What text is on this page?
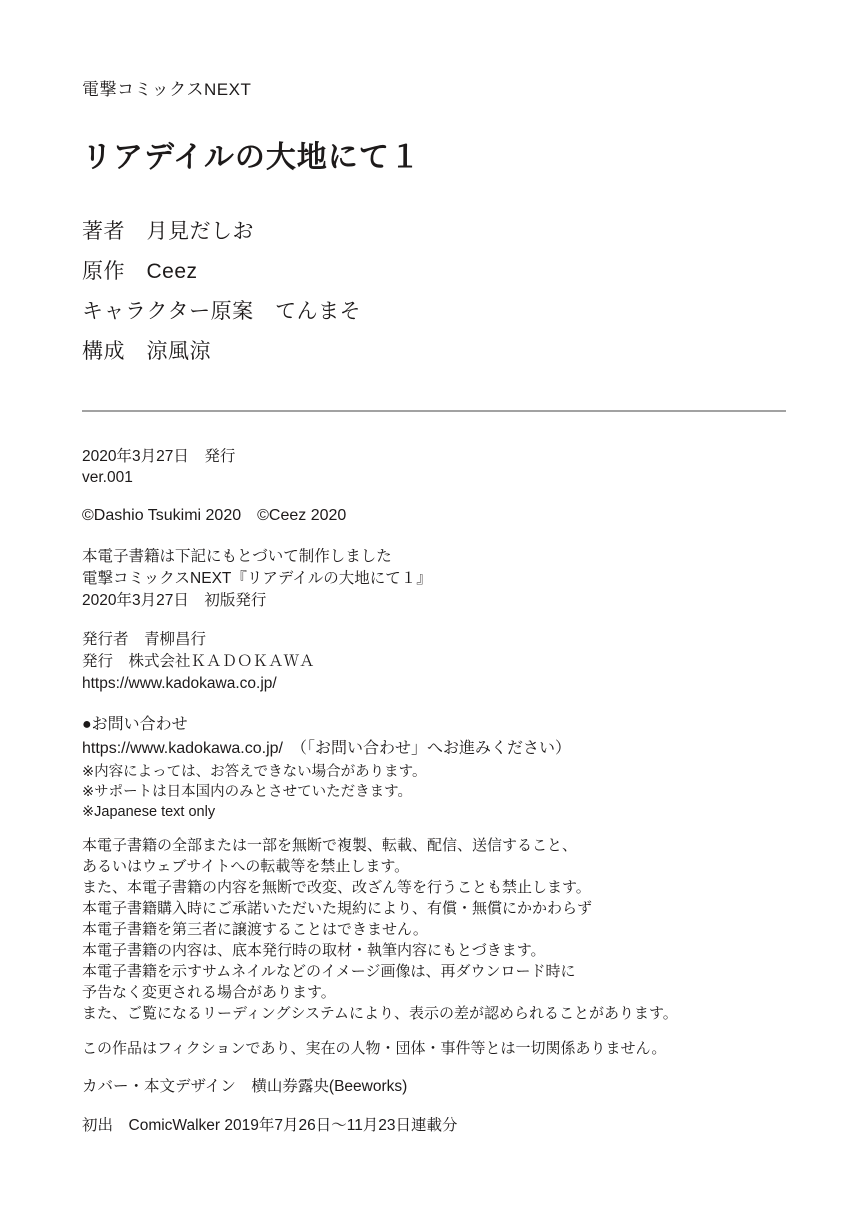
電撃コミックスNEXT
リアデイルの大地にて１
著者　月見だしお
原作　Ceez
キャラクター原案　てんまそ
構成　涼風涼
2020年3月27日　発行
ver.001
©Dashio Tsukimi 2020　©Ceez 2020
本電子書籍は下記にもとづいて制作しました
電撃コミックスNEXT『リアデイルの大地にて１』
2020年3月27日　初版発行
発行者　青柳昌行
発行　株式会社ＫＡＤＯＫＡＷＡ
https://www.kadokawa.co.jp/
●お問い合わせ
https://www.kadokawa.co.jp/　（「お問い合わせ」へお進みください）
※内容によっては、お答えできない場合があります。
※サポートは日本国内のみとさせていただきます。
※Japanese text only
本電子書籍の全部または一部を無断で複製、転載、配信、送信すること、
あるいはウェブサイトへの転載等を禁止します。
また、本電子書籍の内容を無断で改変、改ざん等を行うことも禁止します。
本電子書籍購入時にご承諾いただいた規約により、有償・無償にかかわらず
本電子書籍を第三者に譲渡することはできません。
本電子書籍の内容は、底本発行時の取材・執筆内容にもとづきます。
本電子書籍を示すサムネイルなどのイメージ画像は、再ダウンロード時に
予告なく変更される場合があります。
また、ご覧になるリーディングシステムにより、表示の差が認められることがあります。
この作品はフィクションであり、実在の人物・団体・事件等とは一切関係ありません。
カバー・本文デザイン　横山券露央(Beeworks)
初出　ComicWalker 2019年7月26日～11月23日連載分
